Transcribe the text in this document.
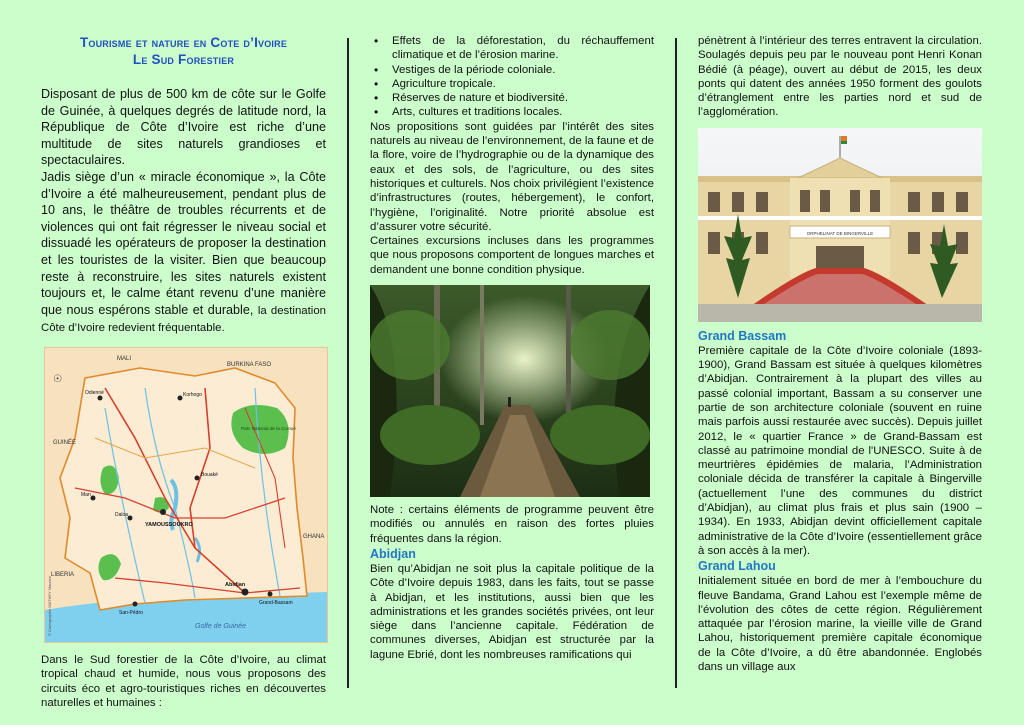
Tourisme et nature en Cote d’Ivoire

Le Sud Forestier

Disposant de plus de 500 km de côte sur le Golfe de Guinée, à quelques degrés de latitude nord, la République de Côte d’Ivoire est riche d’une multitude de sites naturels grandioses et spectaculaires.

Jadis siège d’un « miracle économique », la Côte d’Ivoire a été malheureusement, pendant plus de 10 ans, le théâtre de troubles récurrents et de violences qui ont fait régresser le niveau social et dissuadé les opérateurs de proposer la destination et les touristes de la visiter. Bien que beaucoup reste à reconstruire, les sites naturels existent toujours et, le calme étant revenu d’une manière que nous espérons stable et durable, la destination Côte d’Ivoire redevient fréquentable.

MALI
BURKINA FASO
GUINÉE
LIBERIA
GHANA
Golfe de Guinée
YAMOUSSOUKRO
Parc National de la Comoé
Abidjan
Bouaké
Daloa
Korhogo
Man
San-Pédro
Grand-Bassam
Odienné
© Cartographie MATHEY Maurice
☉

Dans le Sud forestier de la Côte d’Ivoire, au climat tropical chaud et humide, nous vous proposons des circuits éco et agro-touristiques riches en découvertes naturelles et humaines :

• Effets de la déforestation, du réchauffement climatique et de l’érosion marine.
• Vestiges de la période coloniale.
• Agriculture tropicale.
• Réserves de nature et biodiversité.
• Arts, cultures et traditions locales.

Nos propositions sont guidées par l’intérêt des sites naturels au niveau de l’environnement, de la faune et de la flore, voire de l’hydrographie ou de la dynamique des eaux et des sols, de l’agriculture, ou des sites historiques et culturels. Nos choix privilégient l’existence d’infrastructures (routes, hébergement), le confort, l’hygiène, l’originalité. Notre priorité absolue est d’assurer votre sécurité.

Certaines excursions incluses dans les programmes que nous proposons comportent de longues marches et demandent une bonne condition physique.

Note : certains éléments de programme peuvent être modifiés ou annulés en raison des fortes pluies fréquentes dans la région.

Abidjan

Bien qu’Abidjan ne soit plus la capitale politique de la Côte d’Ivoire depuis 1983, dans les faits, tout se passe à Abidjan, et les institutions, aussi bien que les administrations et les grandes sociétés privées, ont leur siège dans l’ancienne capitale. Fédération de communes diverses, Abidjan est structurée par la lagune Ebrié, dont les nombreuses ramifications qui

pénètrent à l’intérieur des terres entravent la circulation. Soulagés depuis peu par le nouveau pont Henri Konan Bédié (à péage), ouvert au début de 2015, les deux ponts qui datent des années 1950 forment des goulots d’étranglement entre les parties nord et sud de l’agglomération.

ORPHELINAT DE BINGERVILLE

Grand Bassam

Première capitale de la Côte d’Ivoire coloniale (1893-1900), Grand Bassam est située à quelques kilomètres d’Abidjan. Contrairement à la plupart des villes au passé colonial important, Bassam a su conserver une partie de son architecture coloniale (souvent en ruine mais parfois aussi restaurée avec succès). Depuis juillet 2012, le « quartier France » de Grand-Bassam est classé au patrimoine mondial de l'UNESCO. Suite à de meurtrières épidémies de malaria, l’Administration coloniale décida de transférer la capitale à Bingerville (actuellement l’une des communes du district d’Abidjan), au climat plus frais et plus sain (1900 – 1934). En 1933, Abidjan devint officiellement capitale administrative de la Côte d’Ivoire (essentiellement grâce à son accès à la mer).

Grand Lahou

Initialement située en bord de mer à l’embouchure du fleuve Bandama, Grand Lahou est l’exemple même de l’évolution des côtes de cette région. Régulièrement attaquée par l’érosion marine, la vieille ville de Grand Lahou, historiquement première capitale économique de la Côte d’Ivoire, a dû être abandonnée. Englobés dans un village aux
